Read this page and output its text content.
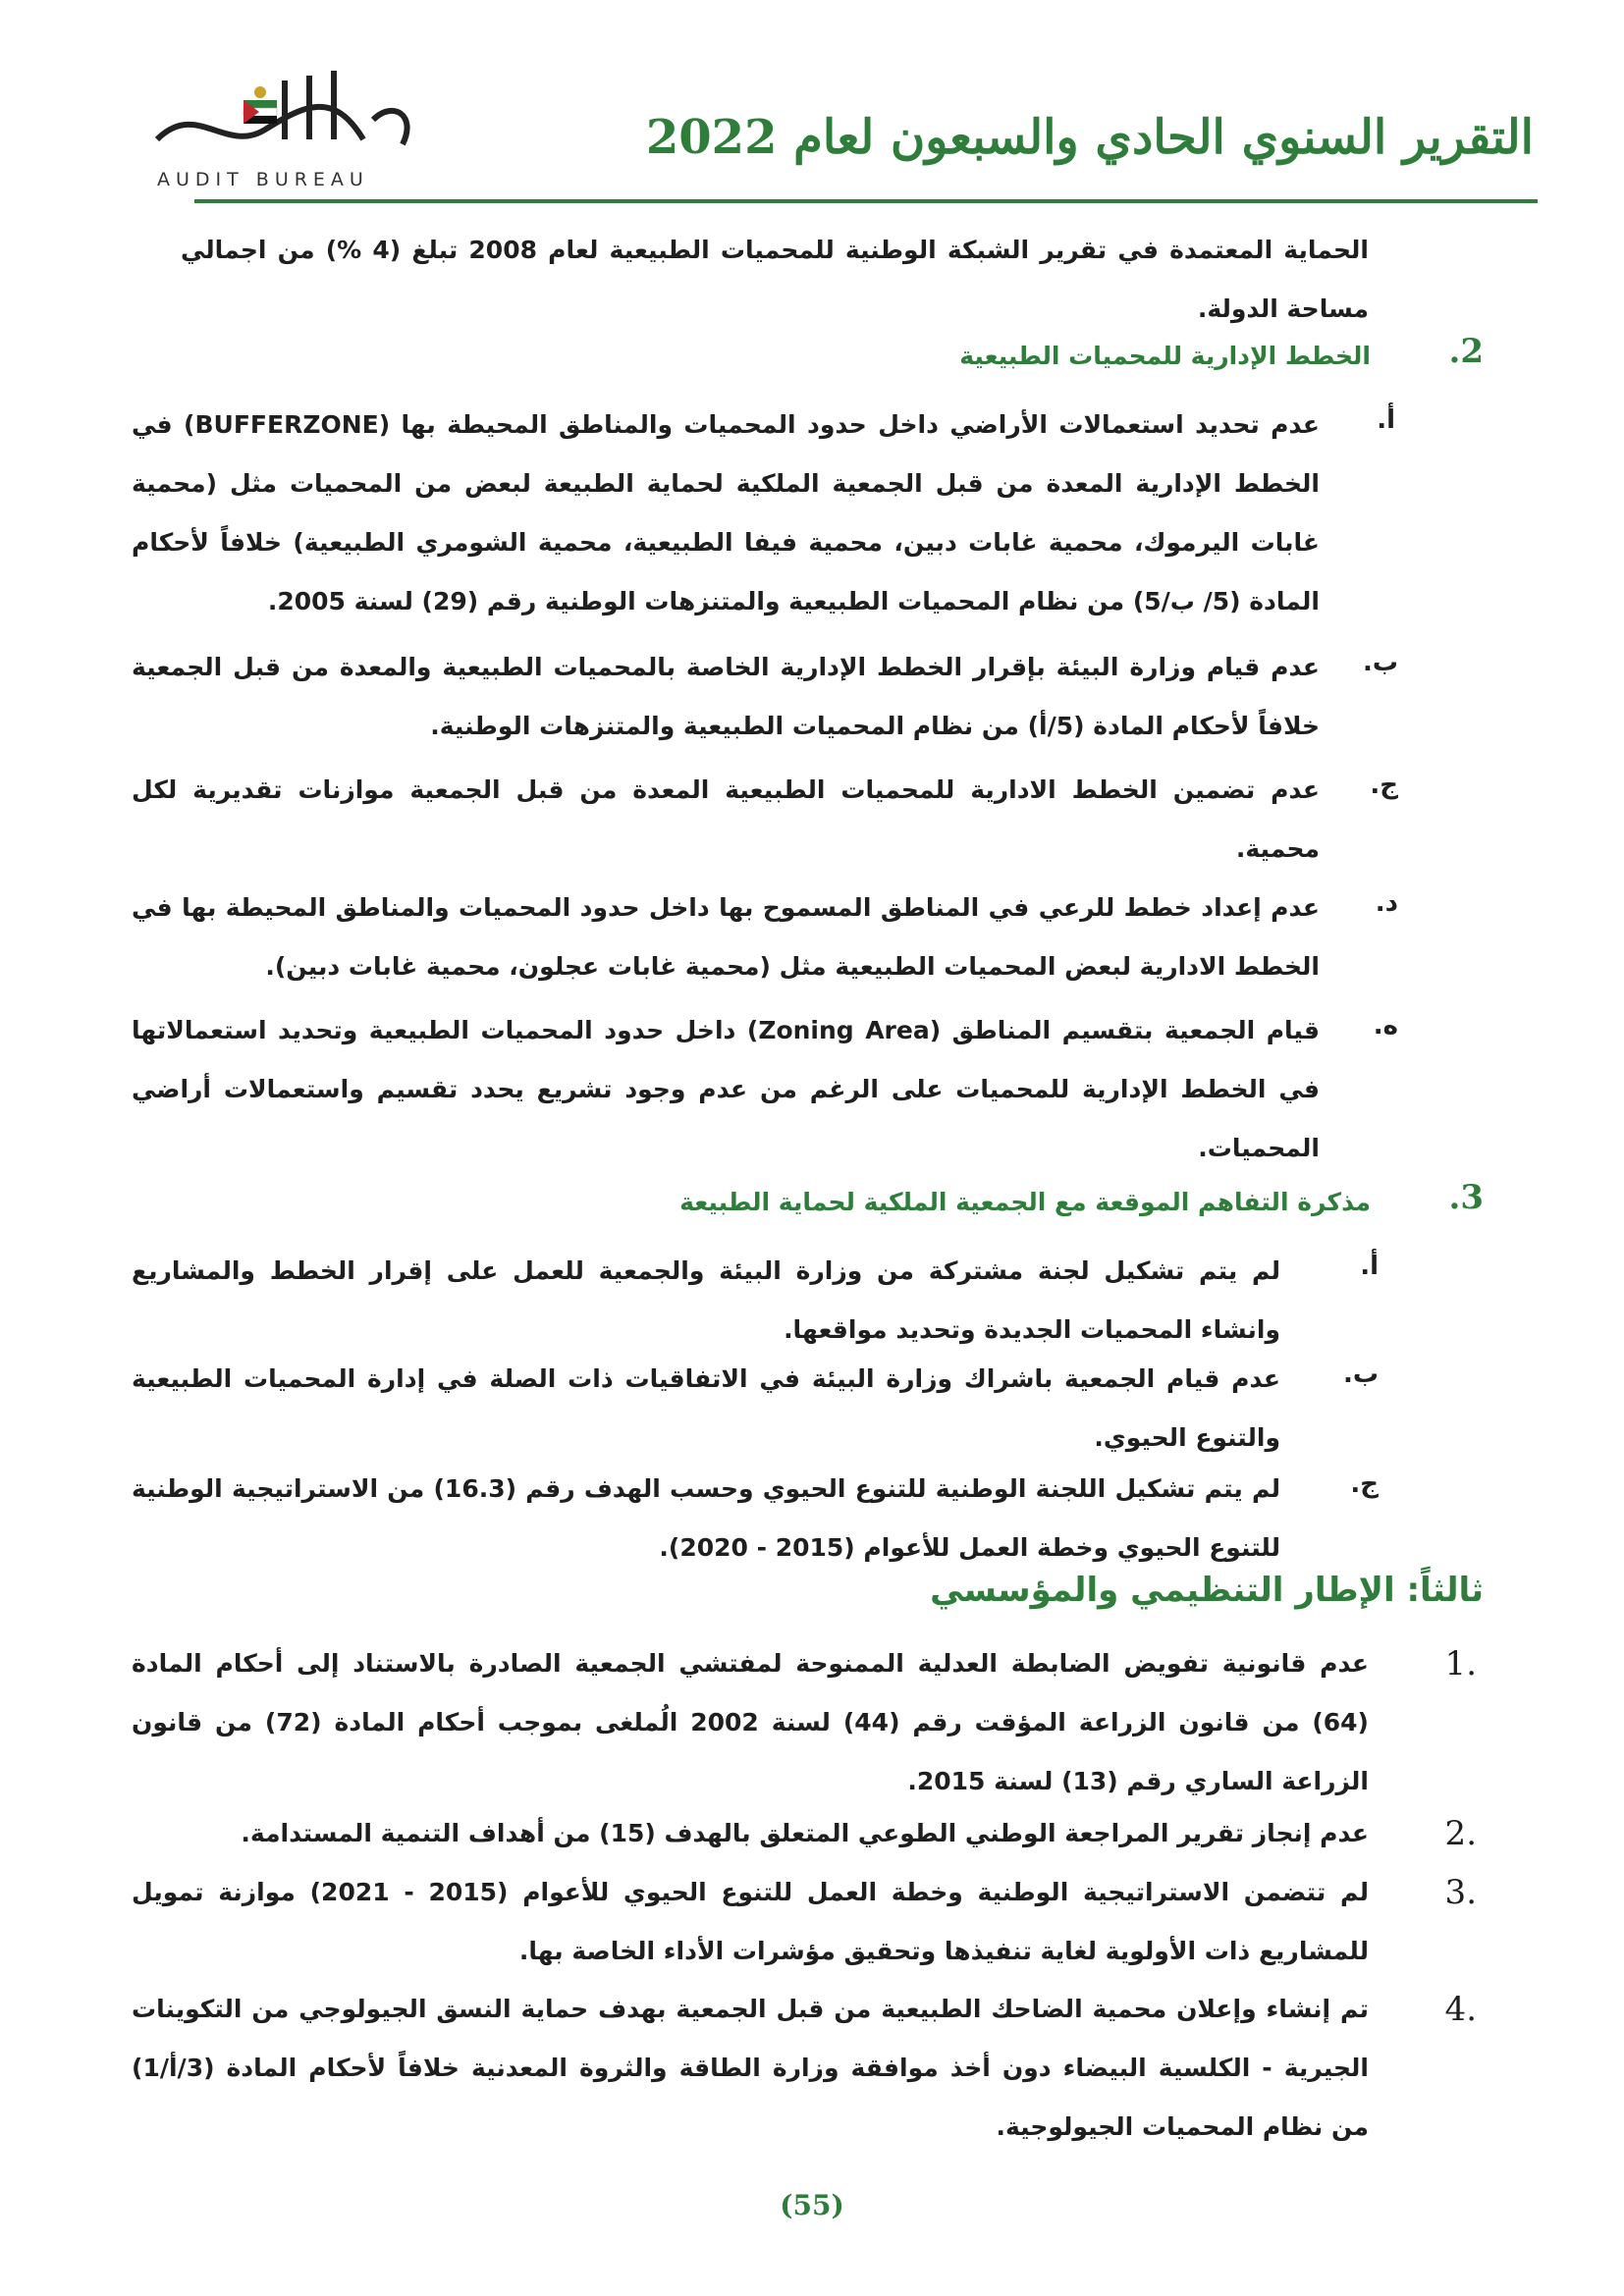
التقرير السنوي الحادي والسبعون لعام 2022
AUDIT BUREAU
الحماية المعتمدة في تقرير الشبكة الوطنية للمحميات الطبيعية لعام 2008 تبلغ (4 %) من اجمالي مساحة الدولة.
2.
الخطط الإدارية للمحميات الطبيعية
أ.
عدم تحديد استعمالات الأراضي داخل حدود المحميات والمناطق المحيطة بها (BUFFERZONE) في الخطط الإدارية المعدة من قبل الجمعية الملكية لحماية الطبيعة لبعض من المحميات مثل (محمية غابات اليرموك، محمية غابات دبين، محمية فيفا الطبيعية، محمية الشومري الطبيعية) خلافاً لأحكام المادة (5/ ب/5) من نظام المحميات الطبيعية والمتنزهات الوطنية رقم (29) لسنة 2005.
ب.
عدم قيام وزارة البيئة بإقرار الخطط الإدارية الخاصة بالمحميات الطبيعية والمعدة من قبل الجمعية خلافاً لأحكام المادة (5/أ) من نظام المحميات الطبيعية والمتنزهات الوطنية.
ج.
عدم تضمين الخطط الادارية للمحميات الطبيعية المعدة من قبل الجمعية موازنات تقديرية لكل محمية.
د.
عدم إعداد خطط للرعي في المناطق المسموح بها داخل حدود المحميات والمناطق المحيطة بها في الخطط الادارية لبعض المحميات الطبيعية مثل (محمية غابات عجلون، محمية غابات دبين).
ه.
قيام الجمعية بتقسيم المناطق (Zoning Area) داخل حدود المحميات الطبيعية وتحديد استعمالاتها في الخطط الإدارية للمحميات على الرغم من عدم وجود تشريع يحدد تقسيم واستعمالات أراضي المحميات.
3.
مذكرة التفاهم الموقعة مع الجمعية الملكية لحماية الطبيعة
أ.
لم يتم تشكيل لجنة مشتركة من وزارة البيئة والجمعية للعمل على إقرار الخطط والمشاريع وانشاء المحميات الجديدة وتحديد مواقعها.
ب.
عدم قيام الجمعية باشراك وزارة البيئة في الاتفاقيات ذات الصلة في إدارة المحميات الطبيعية والتنوع الحيوي.
ج.
لم يتم تشكيل اللجنة الوطنية للتنوع الحيوي وحسب الهدف رقم (16.3) من الاستراتيجية الوطنية للتنوع الحيوي وخطة العمل للأعوام (2015 - 2020).
ثالثاً: الإطار التنظيمي والمؤسسي
.1
عدم قانونية تفويض الضابطة العدلية الممنوحة لمفتشي الجمعية الصادرة بالاستناد إلى أحكام المادة (64) من قانون الزراعة المؤقت رقم (44) لسنة 2002 الُملغى بموجب أحكام المادة (72) من قانون الزراعة الساري رقم (13) لسنة 2015.
.2
عدم إنجاز تقرير المراجعة الوطني الطوعي المتعلق بالهدف (15) من أهداف التنمية المستدامة.
.3
لم تتضمن الاستراتيجية الوطنية وخطة العمل للتنوع الحيوي للأعوام (2015 - 2021) موازنة تمويل للمشاريع ذات الأولوية لغاية تنفيذها وتحقيق مؤشرات الأداء الخاصة بها.
.4
تم إنشاء وإعلان محمية الضاحك الطبيعية من قبل الجمعية بهدف حماية النسق الجيولوجي من التكوينات الجيرية - الكلسية البيضاء دون أخذ موافقة وزارة الطاقة والثروة المعدنية خلافاً لأحكام المادة (3/أ/1) من نظام المحميات الجيولوجية.
(55)
